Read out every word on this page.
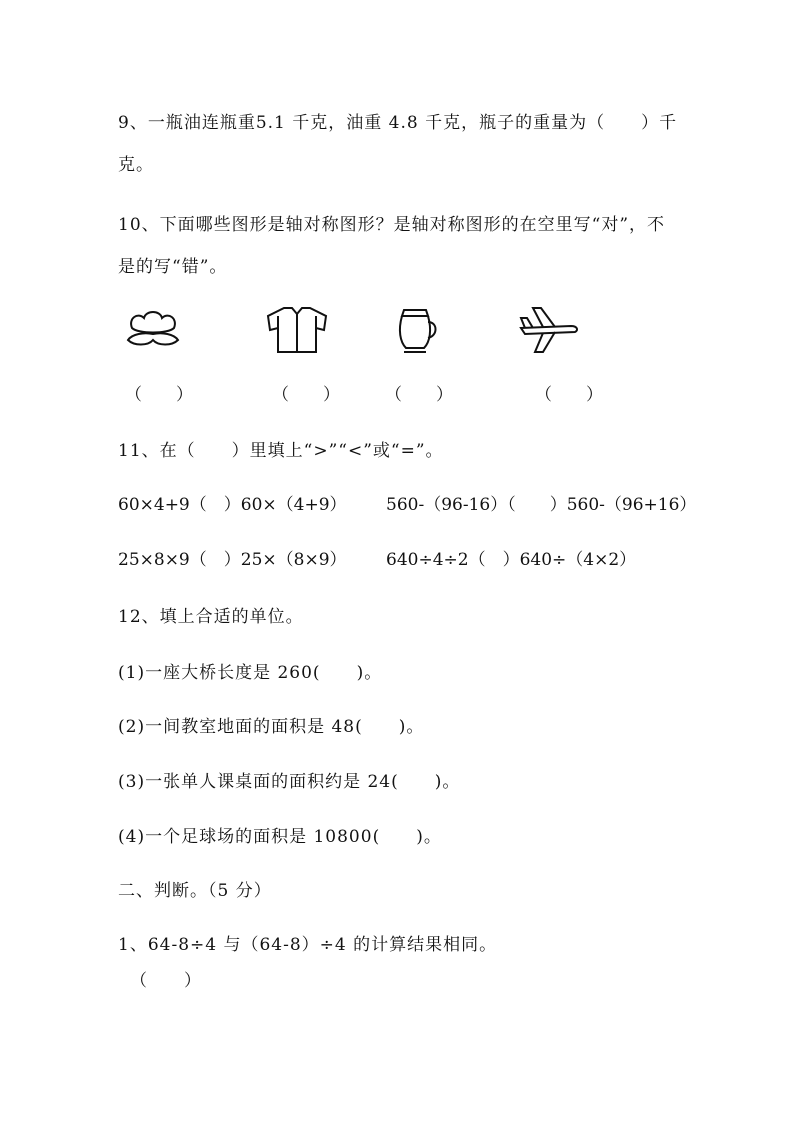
9、一瓶油连瓶重5.1 千克，油重 4.8 千克，瓶子的重量为（　　）千
克。
10、下面哪些图形是轴对称图形？是轴对称图形的在空里写“对”，不
是的写“错”。
（　　）	（　　）	（　　）	（　　）
11、在（　　）里填上“>”“<”或“=”。
60×4+9（　）60×（4+9） 560-（96-16）（　　）560-（96+16）
25×8×9（　）25×（8×9） 640÷4÷2（　）640÷（4×2）
12、填上合适的单位。
(1)一座大桥长度是 260(　　)。
(2)一间教室地面的面积是 48(　　)。
(3)一张单人课桌面的面积约是 24(　　)。
(4)一个足球场的面积是 10800(　　)。
二、判断。（5 分）
1、64-8÷4 与（64-8）÷4 的计算结果相同。
（　　）
